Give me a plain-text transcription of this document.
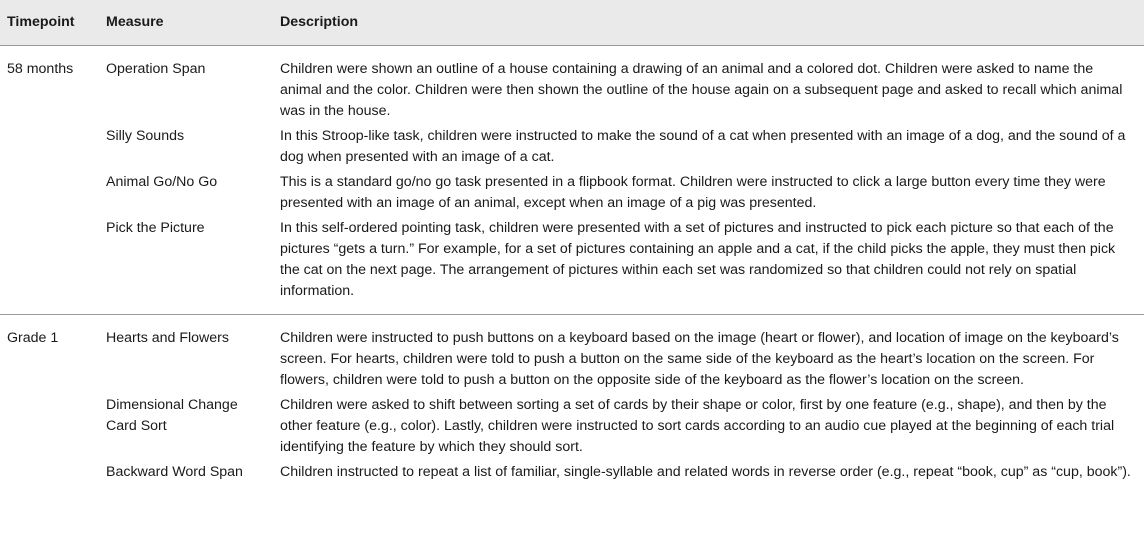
Timepoint	Measure	Description
58 months	Operation Span	Children were shown an outline of a house containing a drawing of an animal and a colored dot. Children were asked to name the animal and the color. Children were then shown the outline of the house again on a subsequent page and asked to recall which animal was in the house.
	Silly Sounds	In this Stroop-like task, children were instructed to make the sound of a cat when presented with an image of a dog, and the sound of a dog when presented with an image of a cat.
	Animal Go/No Go	This is a standard go/no go task presented in a flipbook format. Children were instructed to click a large button every time they were presented with an image of an animal, except when an image of a pig was presented.
	Pick the Picture	In this self-ordered pointing task, children were presented with a set of pictures and instructed to pick each picture so that each of the pictures “gets a turn.” For example, for a set of pictures containing an apple and a cat, if the child picks the apple, they must then pick the cat on the next page. The arrangement of pictures within each set was randomized so that children could not rely on spatial information.
Grade 1	Hearts and Flowers	Children were instructed to push buttons on a keyboard based on the image (heart or flower), and location of image on the keyboard’s screen. For hearts, children were told to push a button on the same side of the keyboard as the heart’s location on the screen. For flowers, children were told to push a button on the opposite side of the keyboard as the flower’s location on the screen.
	Dimensional Change Card Sort	Children were asked to shift between sorting a set of cards by their shape or color, first by one feature (e.g., shape), and then by the other feature (e.g., color). Lastly, children were instructed to sort cards according to an audio cue played at the beginning of each trial identifying the feature by which they should sort.
	Backward Word Span	Children instructed to repeat a list of familiar, single-syllable and related words in reverse order (e.g., repeat “book, cup” as “cup, book”).
